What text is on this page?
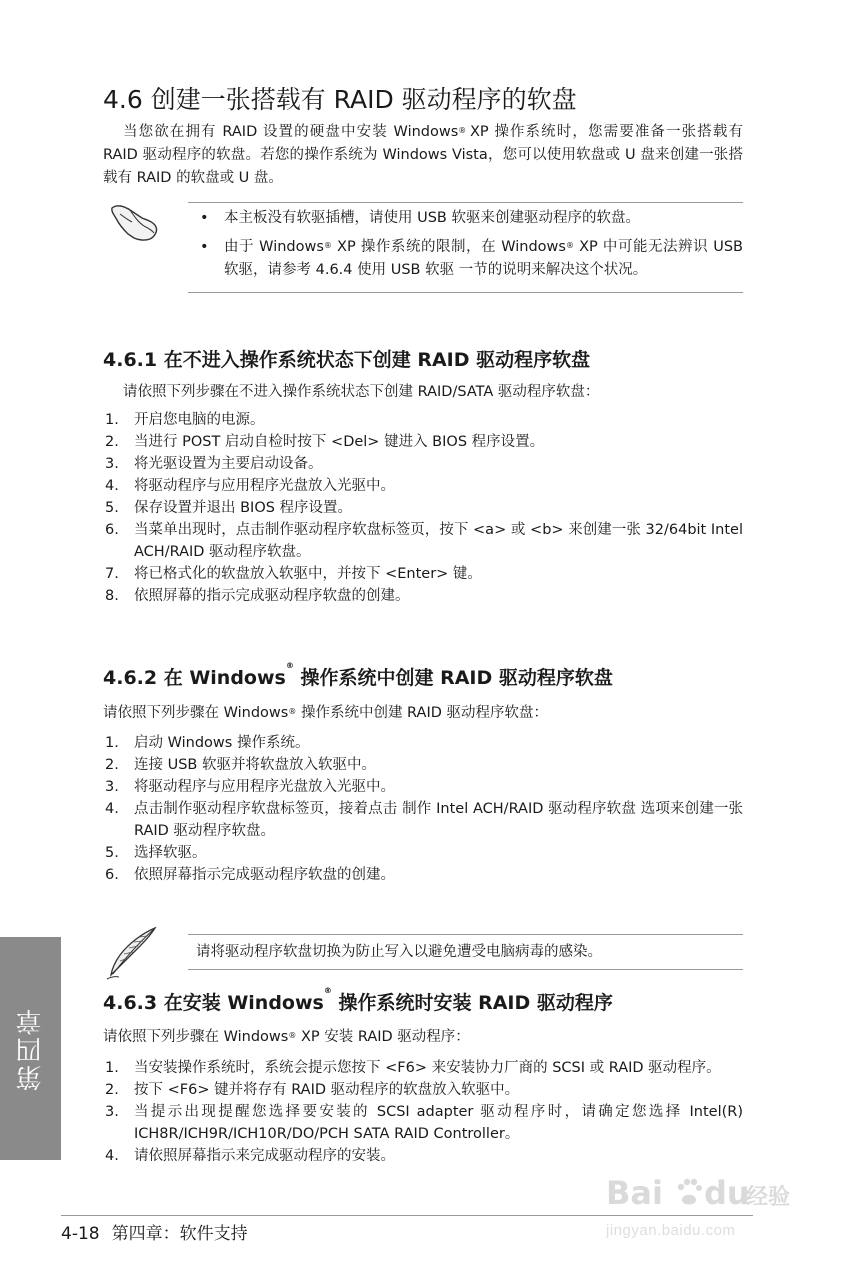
4.6 创建一张搭载有 RAID 驱动程序的软盘
当您欲在拥有 RAID 设置的硬盘中安装 Windows® XP 操作系统时，您需要准备一张搭载有 RAID 驱动程序的软盘。若您的操作系统为 Windows Vista，您可以使用软盘或 U 盘来创建一张搭载有 RAID 的软盘或 U 盘。
• 本主板没有软驱插槽，请使用 USB 软驱来创建驱动程序的软盘。
• 由于 Windows® XP 操作系统的限制，在 Windows® XP 中可能无法辨识 USB 软驱，请参考 4.6.4 使用 USB 软驱 一节的说明来解决这个状况。
4.6.1 在不进入操作系统状态下创建 RAID 驱动程序软盘
请依照下列步骤在不进入操作系统状态下创建 RAID/SATA 驱动程序软盘：
1. 开启您电脑的电源。
2. 当进行 POST 启动自检时按下 <Del> 键进入 BIOS 程序设置。
3. 将光驱设置为主要启动设备。
4. 将驱动程序与应用程序光盘放入光驱中。
5. 保存设置并退出 BIOS 程序设置。
6. 当菜单出现时，点击制作驱动程序软盘标签页，按下 <a> 或 <b> 来创建一张 32/64bit Intel ACH/RAID 驱动程序软盘。
7. 将已格式化的软盘放入软驱中，并按下 <Enter> 键。
8. 依照屏幕的指示完成驱动程序软盘的创建。
4.6.2 在 Windows® 操作系统中创建 RAID 驱动程序软盘
请依照下列步骤在 Windows® 操作系统中创建 RAID 驱动程序软盘：
1. 启动 Windows 操作系统。
2. 连接 USB 软驱并将软盘放入软驱中。
3. 将驱动程序与应用程序光盘放入光驱中。
4. 点击制作驱动程序软盘标签页，接着点击 制作 Intel ACH/RAID 驱动程序软盘 选项来创建一张 RAID 驱动程序软盘。
5. 选择软驱。
6. 依照屏幕指示完成驱动程序软盘的创建。
请将驱动程序软盘切换为防止写入以避免遭受电脑病毒的感染。
4.6.3 在安装 Windows® 操作系统时安装 RAID 驱动程序
请依照下列步骤在 Windows® XP 安装 RAID 驱动程序：
1. 当安装操作系统时，系统会提示您按下 <F6> 来安装协力厂商的 SCSI 或 RAID 驱动程序。
2. 按下 <F6> 键并将存有 RAID 驱动程序的软盘放入软驱中。
3. 当提示出现提醒您选择要安装的 SCSI adapter 驱动程序时，请确定您选择 Intel(R) ICH8R/ICH9R/ICH10R/DO/PCH SATA RAID Controller。
4. 请依照屏幕指示来完成驱动程序的安装。
第四章
4-18 第四章：软件支持
Bai du
经验
jingyan.baidu.com
